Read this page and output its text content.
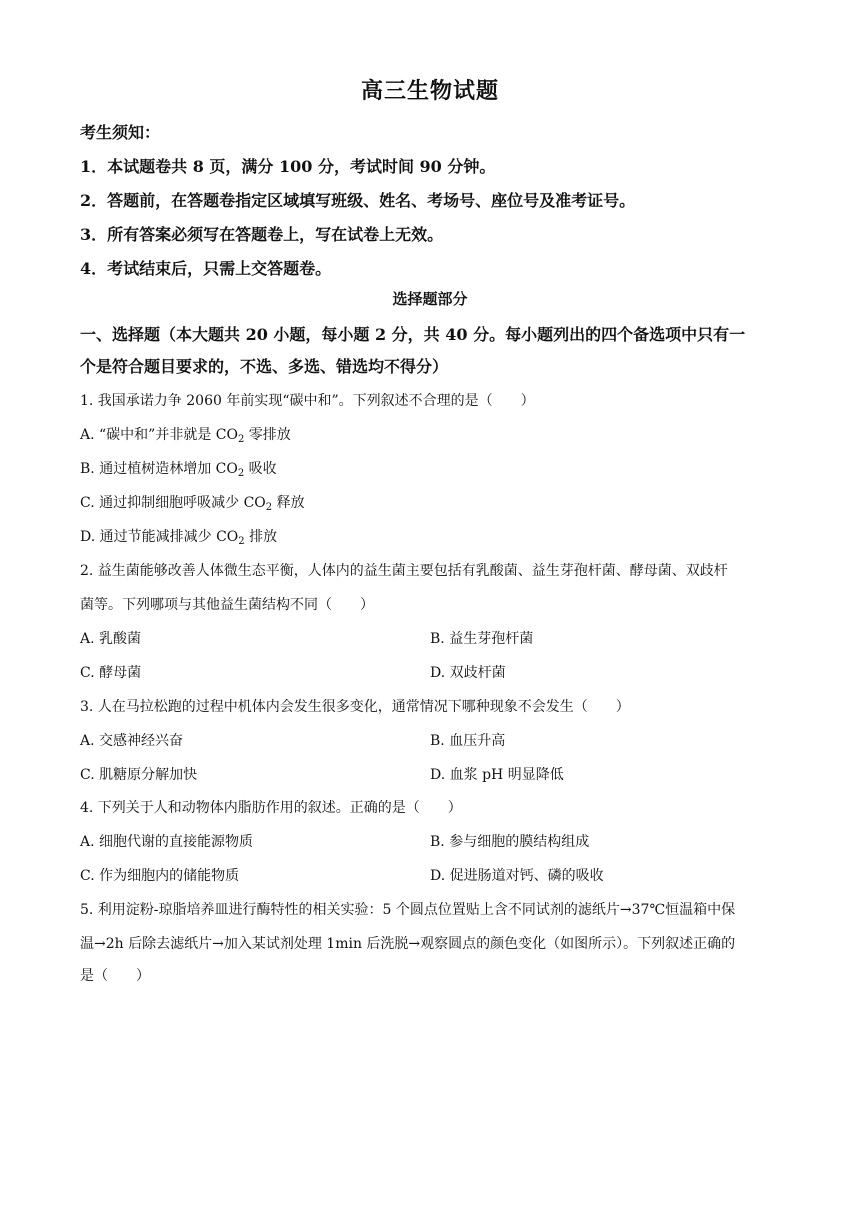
高三生物试题
考生须知：
1．本试题卷共 8 页，满分 100 分，考试时间 90 分钟。
2．答题前，在答题卷指定区域填写班级、姓名、考场号、座位号及准考证号。
3．所有答案必须写在答题卷上，写在试卷上无效。
4．考试结束后，只需上交答题卷。
选择题部分
一、选择题（本大题共 20 小题，每小题 2 分，共 40 分。每小题列出的四个备选项中只有一
个是符合题目要求的，不选、多选、错选均不得分）
1. 我国承诺力争 2060 年前实现“碳中和”。下列叙述不合理的是（　　）
A. “碳中和”并非就是 $CO_2$ 零排放
B. 通过植树造林增加 $CO_2$ 吸收
C. 通过抑制细胞呼吸减少 $CO_2$ 释放
D. 通过节能减排减少 $CO_2$ 排放
2. 益生菌能够改善人体微生态平衡，人体内的益生菌主要包括有乳酸菌、益生芽孢杆菌、酵母菌、双歧杆
菌等。下列哪项与其他益生菌结构不同（　　）
A. 乳酸菌	B. 益生芽孢杆菌
C. 酵母菌	D. 双歧杆菌
3. 人在马拉松跑的过程中机体内会发生很多变化，通常情况下哪种现象不会发生（　　）
A. 交感神经兴奋	B. 血压升高
C. 肌糖原分解加快	D. 血浆 pH 明显降低
4. 下列关于人和动物体内脂肪作用的叙述。正确的是（　　）
A. 细胞代谢的直接能源物质	B. 参与细胞的膜结构组成
C. 作为细胞内的储能物质	D. 促进肠道对钙、磷的吸收
5. 利用淀粉-琼脂培养皿进行酶特性的相关实验：5 个圆点位置贴上含不同试剂的滤纸片→37℃恒温箱中保
温→2h 后除去滤纸片→加入某试剂处理 1min 后洗脱→观察圆点的颜色变化（如图所示）。下列叙述正确的
是（　　）
